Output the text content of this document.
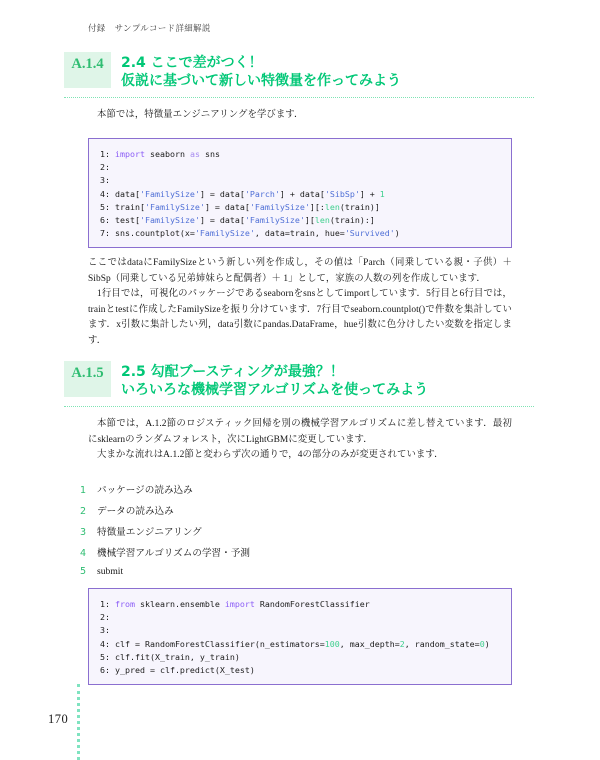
付録 サンプルコード詳細解説
A.1.4	2.4 ここで差がつく！
仮説に基づいて新しい特徴量を作ってみよう

本節では，特徴量エンジニアリングを学びます．

1: import seaborn as sns
2:
3:
4: data['FamilySize'] = data['Parch'] + data['SibSp'] + 1
5: train['FamilySize'] = data['FamilySize'][:len(train)]
6: test['FamilySize'] = data['FamilySize'][len(train):]
7: sns.countplot(x='FamilySize', data=train, hue='Survived')

ここではdataにFamilySizeという新しい列を作成し，その値は「Parch（同乗している親・子供）＋ SibSp（同乗している兄弟姉妹らと配偶者）＋ 1」として，家族の人数の列を作成しています．

1行目では，可視化のパッケージであるseabornをsnsとしてimportしています．5行目と6行目では，trainとtestに作成したFamilySizeを振り分けています．7行目でseaborn.countplot()で件数を集計しています．x引数に集計したい列，data引数にpandas.DataFrame，hue引数に色分けしたい変数を指定します．

A.1.5	2.5 勾配ブースティングが最強？！
いろいろな機械学習アルゴリズムを使ってみよう

本節では，A.1.2節のロジスティック回帰を別の機械学習アルゴリズムに差し替えています．最初にsklearnのランダムフォレスト，次にLightGBMに変更しています．

大まかな流れはA.1.2節と変わらず次の通りで，4の部分のみが変更されています．

1	パッケージの読み込み
2	データの読み込み
3	特徴量エンジニアリング
4	機械学習アルゴリズムの学習・予測
5	submit
1: from sklearn.ensemble import RandomForestClassifier
2:
3:
4: clf = RandomForestClassifier(n_estimators=100, max_depth=2, random_state=0)
5: clf.fit(X_train, y_train)
6: y_pred = clf.predict(X_test)
170
